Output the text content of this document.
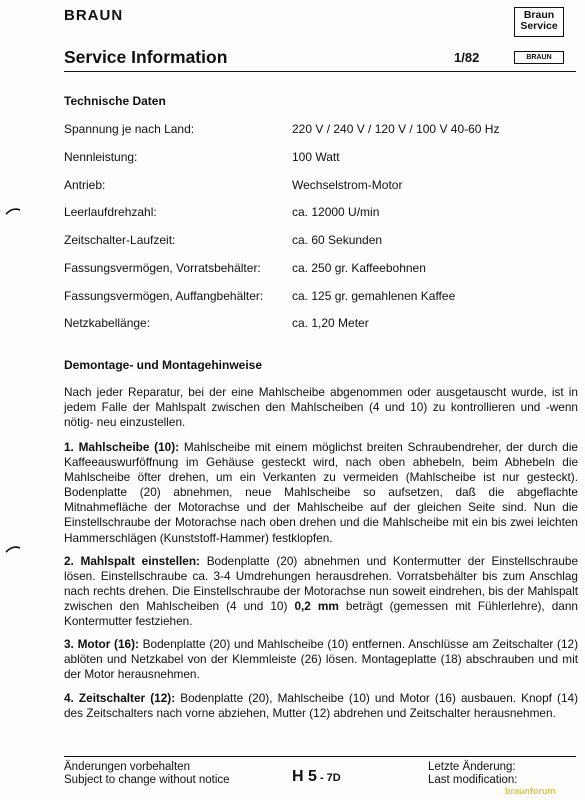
BRAUN	Braun
Service
BRAUN
Service Information	1/82
Technische Daten
Spannung je nach Land:	220 V / 240 V / 120 V / 100 V 40-60 Hz
Nennleistung:	100 Watt
Antrieb:	Wechselstrom-Motor
Leerlaufdrehzahl:	ca. 12000 U/min
Zeitschalter-Laufzeit:	ca. 60 Sekunden
Fassungsvermögen, Vorratsbehälter:	ca. 250 gr. Kaffeebohnen
Fassungsvermögen, Auffangbehälter: ca. 125 gr. gemahlenen Kaffee
Netzkabellänge:	ca. 1,20 Meter
Demontage- und Montagehinweise
Nach jeder Reparatur, bei der eine Mahlscheibe abgenommen oder ausgetauscht wurde, ist in jedem Falle der Mahlspalt zwischen den Mahlscheiben (4 und 10) zu kontrollieren und -wenn nötig- neu einzustellen.
1. Mahlscheibe (10): Mahlscheibe mit einem möglichst breiten Schraubendreher, der durch die Kaffeeauswurföffnung im Gehäuse gesteckt wird, nach oben abhebeln, beim Abhebeln die Mahlscheibe öfter drehen, um ein Verkanten zu vermeiden (Mahlscheibe ist nur gesteckt). Bodenplatte (20) abnehmen, neue Mahlscheibe so aufsetzen, daß die abgeflachte Mitnahmefläche der Motorachse und der Mahlscheibe auf der gleichen Seite sind. Nun die Einstellschraube der Motorachse nach oben drehen und die Mahlscheibe mit ein bis zwei leichten Hammerschlägen (Kunststoff-Hammer) festklopfen.
2. Mahlspalt einstellen: Bodenplatte (20) abnehmen und Kontermutter der Einstellschraube lösen. Einstellschraube ca. 3-4 Umdrehungen herausdrehen. Vorratsbehälter bis zum Anschlag nach rechts drehen. Die Einstellschraube der Motorachse nun soweit eindrehen, bis der Mahlspalt zwischen den Mahlscheiben (4 und 10) 0,2 mm beträgt (gemessen mit Fühlerlehre), dann Kontermutter festziehen.
3. Motor (16): Bodenplatte (20) und Mahlscheibe (10) entfernen. Anschlüsse am Zeitschalter (12) ablöten und Netzkabel von der Klemmleiste (26) lösen. Montageplatte (18) abschrauben und mit der Motor herausnehmen.
4. Zeitschalter (12): Bodenplatte (20), Mahlscheibe (10) und Motor (16) ausbauen. Knopf (14) des Zeitschalters nach vorne abziehen, Mutter (12) abdrehen und Zeitschalter herausnehmen.
Änderungen vorbehalten
Subject to change without notice	H 5 - 7D
Letzte Änderung:
Last modification:
braunforum
